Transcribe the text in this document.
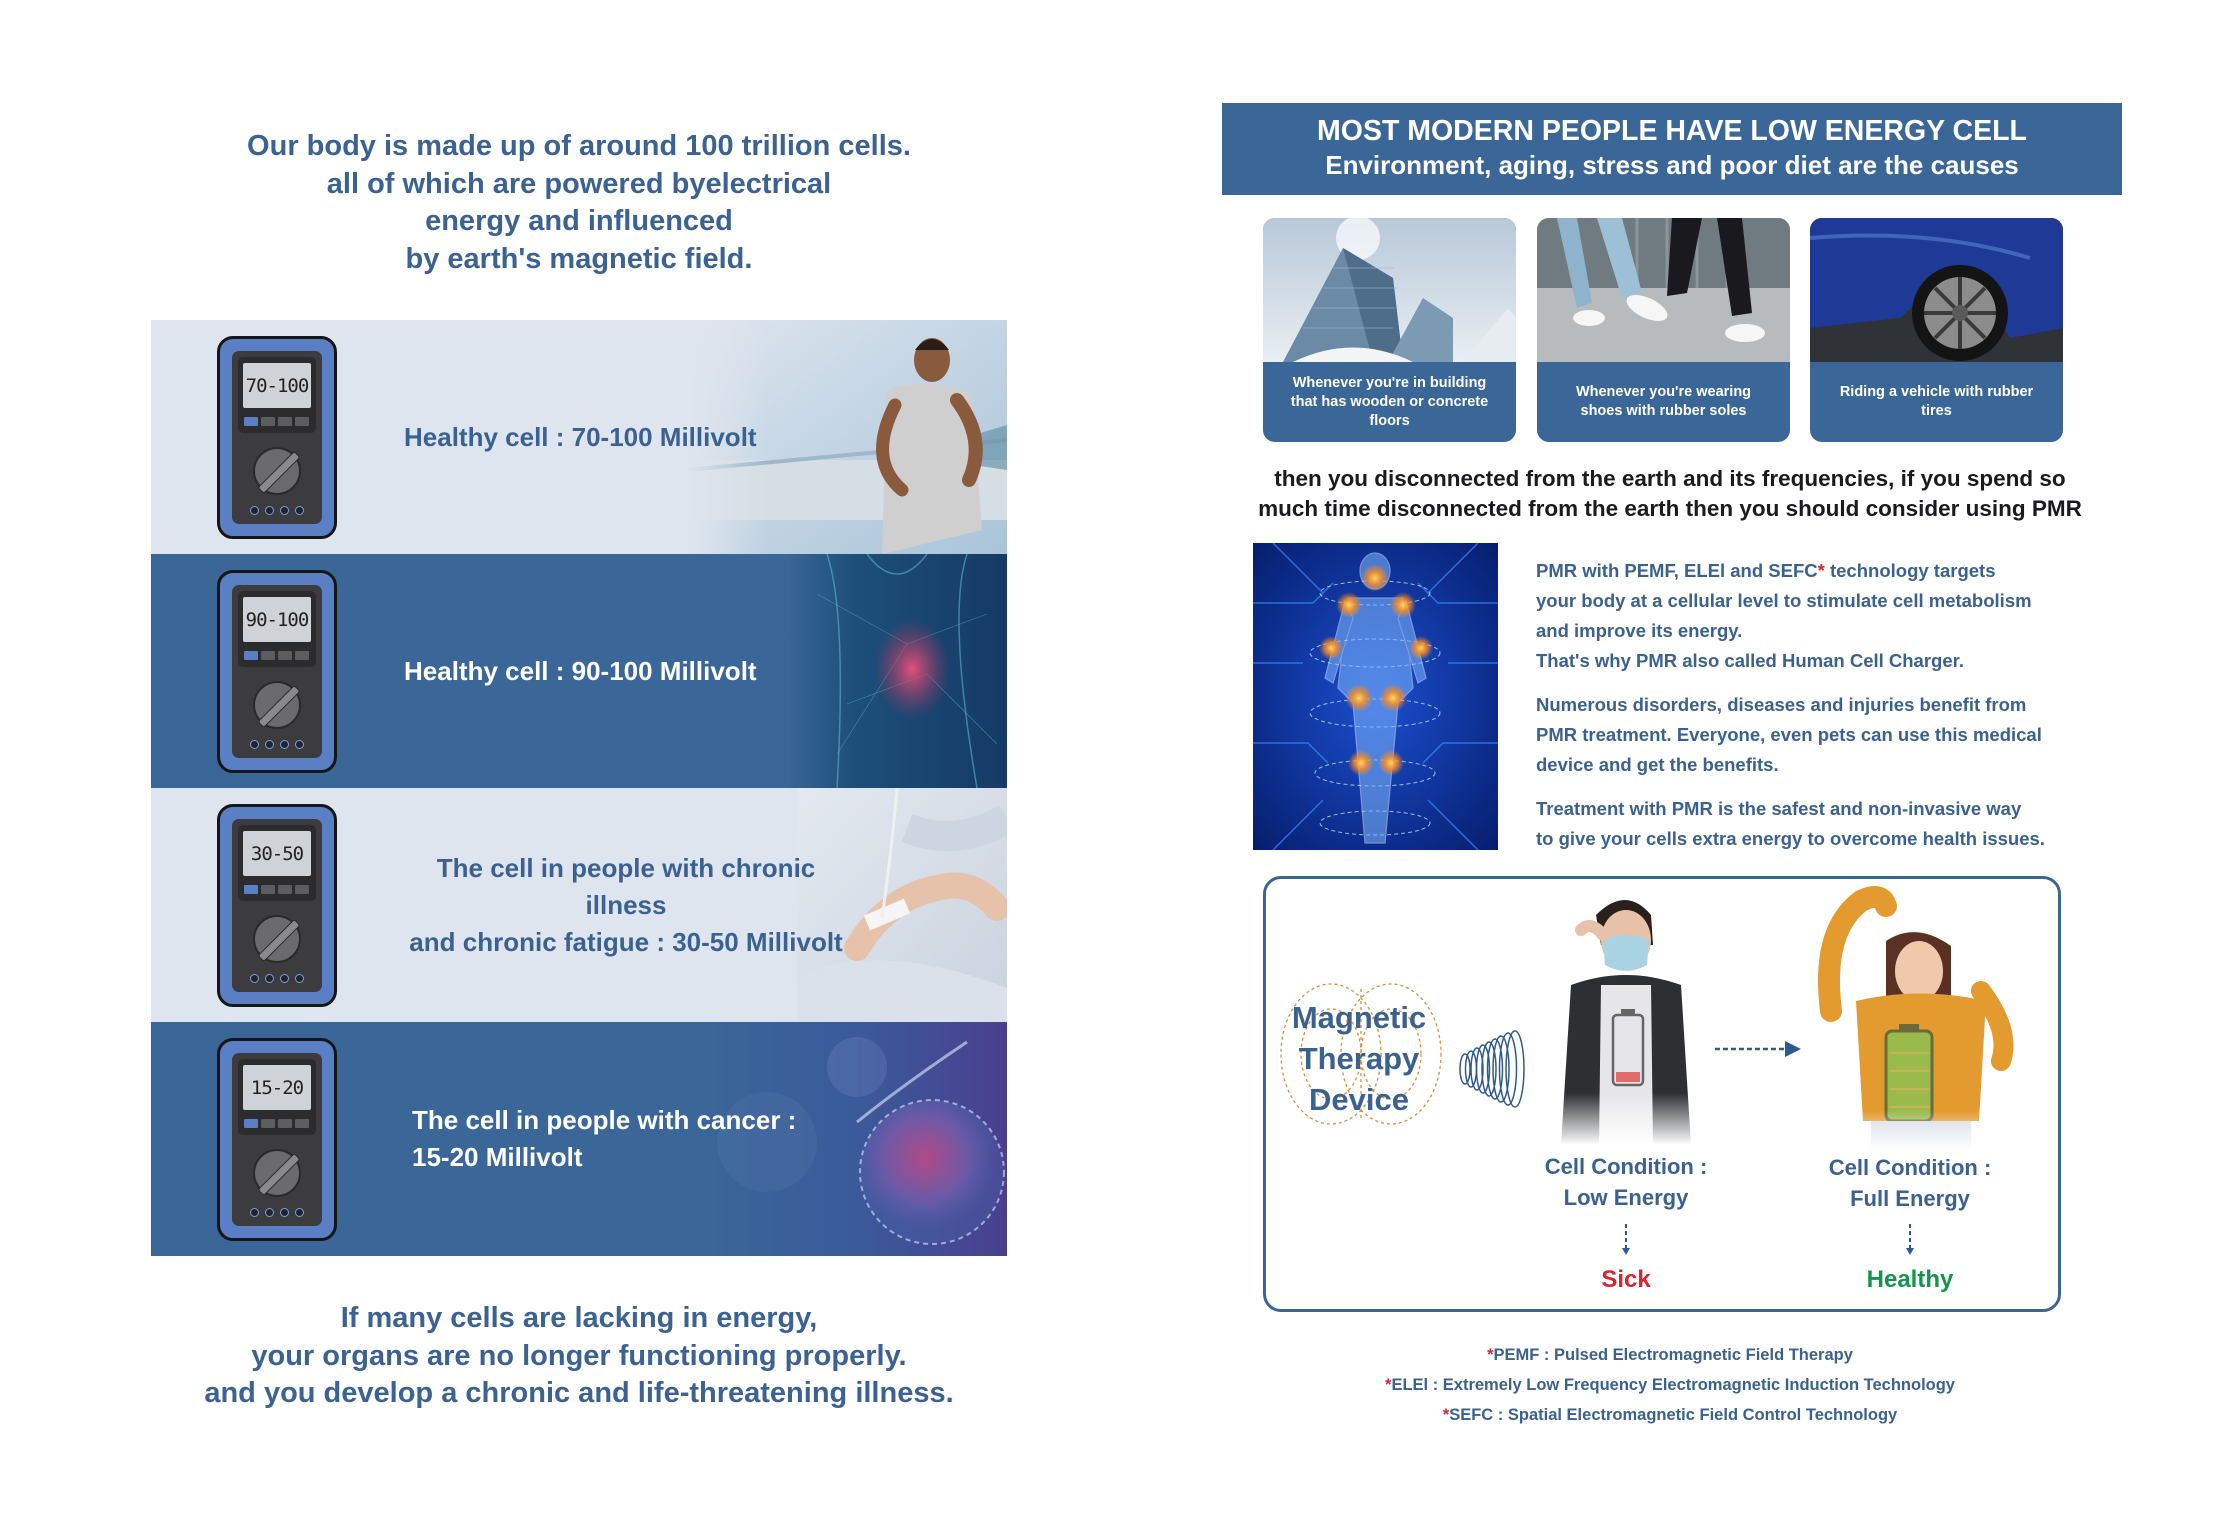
Our body is made up of around 100 trillion cells.
all of which are powered byelectrical
energy and influenced
by earth's magnetic field.
70-100
Healthy cell : 70-100 Millivolt
90-100
Healthy cell : 90-100 Millivolt
30-50	The cell in people with chronic illness
and chronic fatigue : 30-50 Millivolt
15-20
The cell in people with cancer :
15-20 Millivolt
If many cells are lacking in energy,
your organs are no longer functioning properly.
and you develop a chronic and life-threatening illness.
MOST MODERN PEOPLE HAVE LOW ENERGY CELL
Environment, aging, stress and poor diet are the causes
Whenever you're in building that has wooden or concrete floors
Whenever you're wearing shoes with rubber soles
Riding a vehicle with rubber tires
then you disconnected from the earth and its frequencies, if you spend so
much time disconnected from the earth then you should consider using PMR

PMR with PEMF, ELEl and SEFC* technology targets
your body at a cellular level to stimulate cell metabolism
and improve its energy.
That's why PMR also called Human Cell Charger.

Numerous disorders, diseases and injuries benefit from
PMR treatment. Everyone, even pets can use this medical
device and get the benefits.

Treatment with PMR is the safest and non-invasive way
to give your cells extra energy to overcome health issues.

Magnetic
Therapy
Device
Cell Condition :
Low Energy
Sick
Cell Condition :
Full Energy
Healthy
*PEMF : Pulsed Electromagnetic Field Therapy
*ELEl : Extremely Low Frequency Electromagnetic Induction Technology
*SEFC : Spatial Electromagnetic Field Control Technology
